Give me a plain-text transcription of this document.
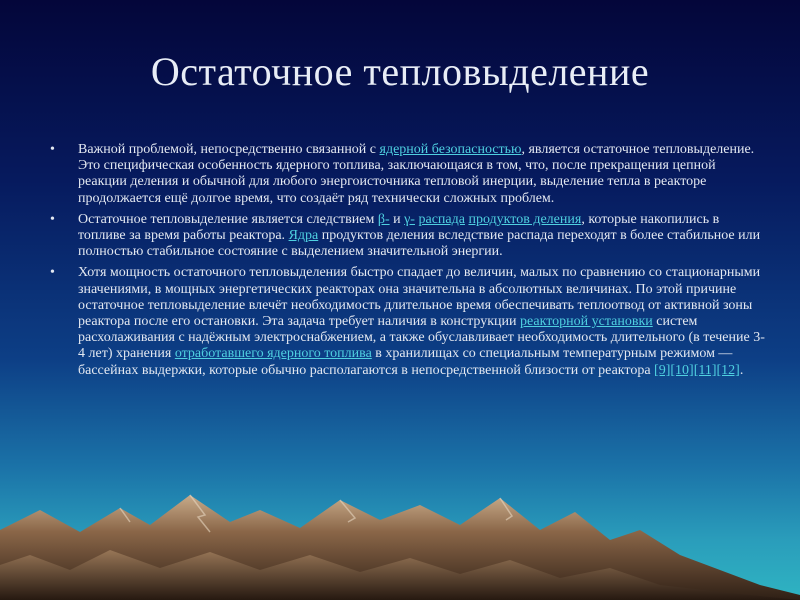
Остаточное тепловыделение
• Важной проблемой, непосредственно связанной с ядерной безопасностью, является остаточное тепловыделение. Это специфическая особенность ядерного топлива, заключающаяся в том, что, после прекращения цепной реакции деления и обычной для любого энергоисточника тепловой инерции, выделение тепла в реакторе продолжается ещё долгое время, что создаёт ряд технически сложных проблем.
• Остаточное тепловыделение является следствием β- и γ- распада продуктов деления, которые накопились в топливе за время работы реактора. Ядра продуктов деления вследствие распада переходят в более стабильное или полностью стабильное состояние с выделением значительной энергии.
• Хотя мощность остаточного тепловыделения быстро спадает до величин, малых по сравнению со стационарными значениями, в мощных энергетических реакторах она значительна в абсолютных величинах. По этой причине остаточное тепловыделение влечёт необходимость длительное время обеспечивать теплоотвод от активной зоны реактора после его остановки. Эта задача требует наличия в конструкции реакторной установки систем расхолаживания с надёжным электроснабжением, а также обуславливает необходимость длительного (в течение 3-4 лет) хранения отработавшего ядерного топлива в хранилищах со специальным температурным режимом — бассейнах выдержки, которые обычно располагаются в непосредственной близости от реактора [9][10][11][12].
